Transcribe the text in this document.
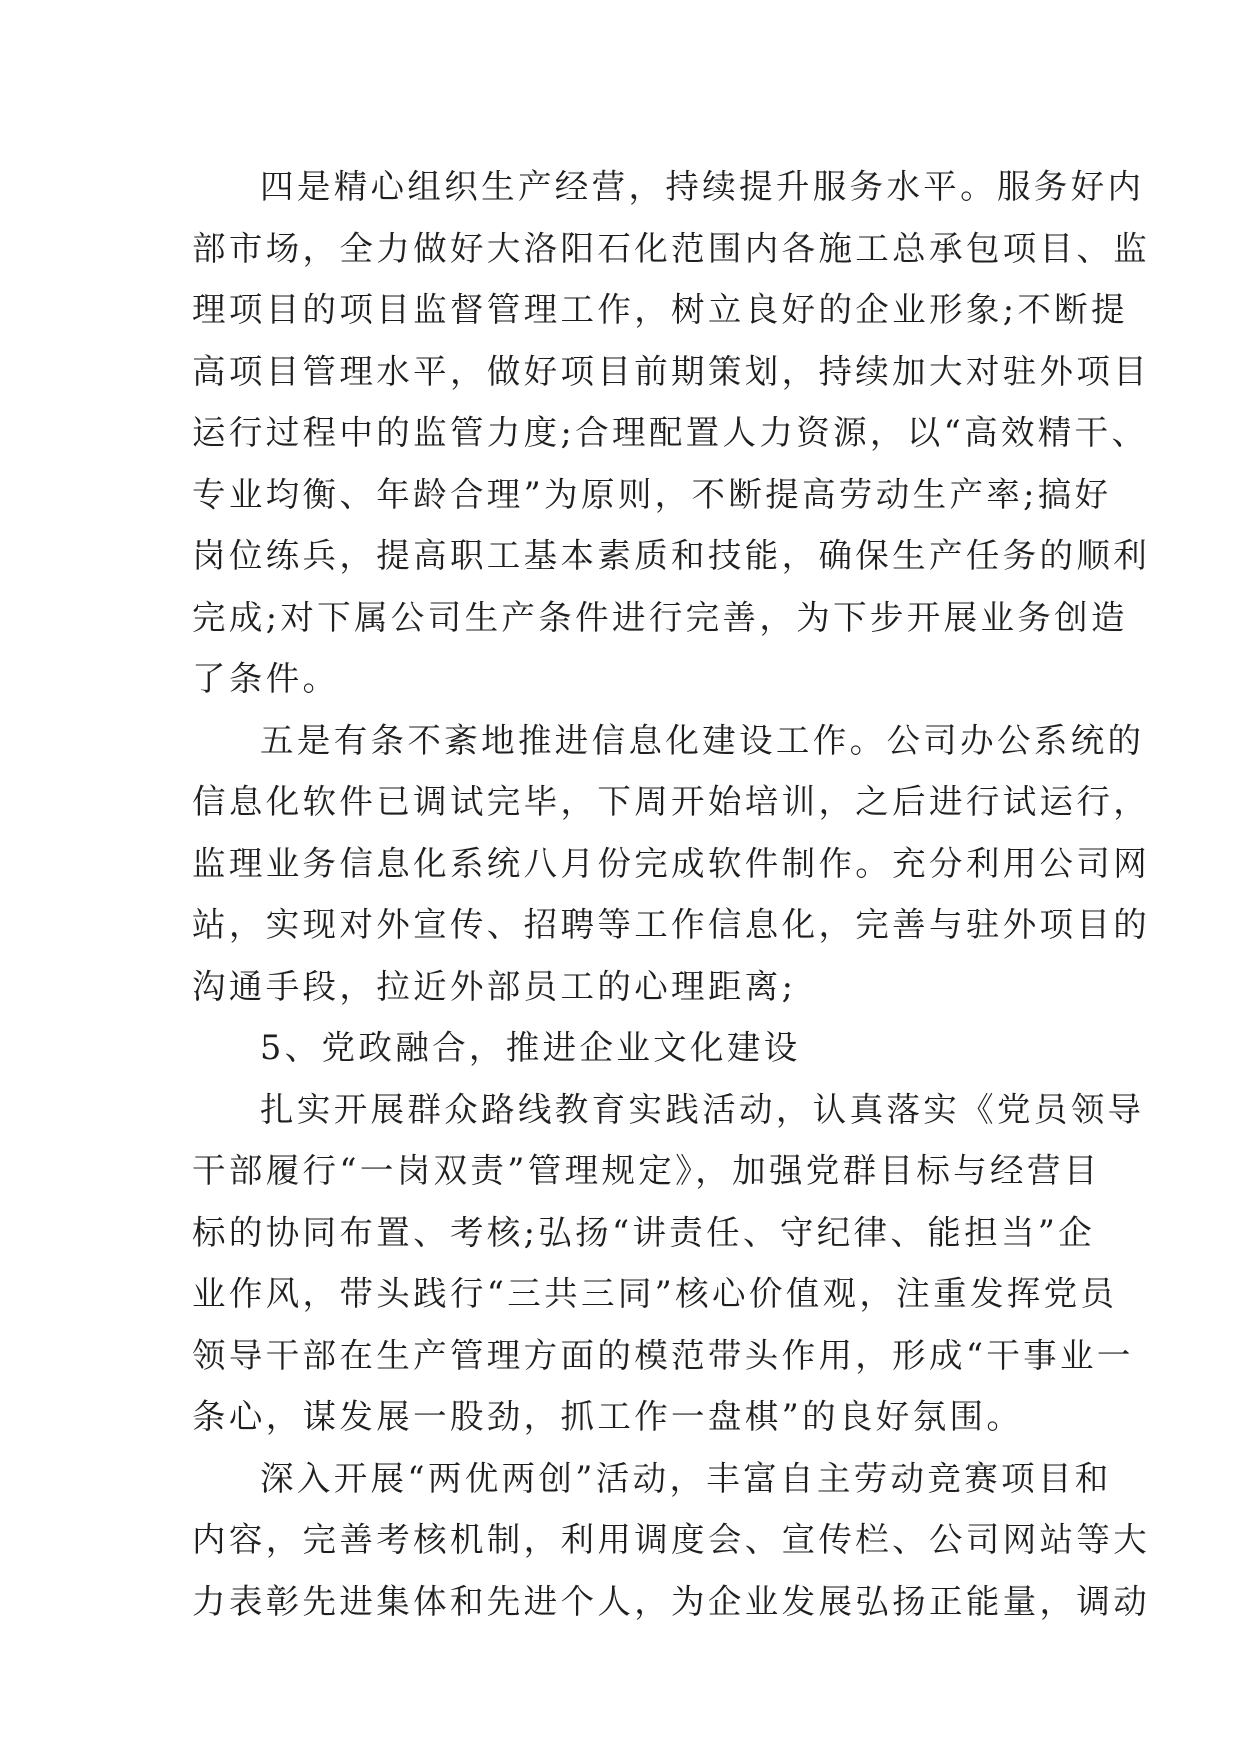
四是精心组织生产经营，持续提升服务水平。服务好内
部市场，全力做好大洛阳石化范围内各施工总承包项目、监
理项目的项目监督管理工作，树立良好的企业形象;不断提
高项目管理水平，做好项目前期策划，持续加大对驻外项目
运行过程中的监管力度;合理配置人力资源，以“高效精干、
专业均衡、年龄合理”为原则，不断提高劳动生产率;搞好
岗位练兵，提高职工基本素质和技能，确保生产任务的顺利
完成;对下属公司生产条件进行完善，为下步开展业务创造
了条件。
五是有条不紊地推进信息化建设工作。公司办公系统的
信息化软件已调试完毕，下周开始培训，之后进行试运行，
监理业务信息化系统八月份完成软件制作。充分利用公司网
站，实现对外宣传、招聘等工作信息化，完善与驻外项目的
沟通手段，拉近外部员工的心理距离;
5、党政融合，推进企业文化建设
扎实开展群众路线教育实践活动，认真落实《党员领导
干部履行“一岗双责”管理规定》，加强党群目标与经营目
标的协同布置、考核;弘扬“讲责任、守纪律、能担当”企
业作风，带头践行“三共三同”核心价值观，注重发挥党员
领导干部在生产管理方面的模范带头作用，形成“干事业一
条心，谋发展一股劲，抓工作一盘棋”的良好氛围。
深入开展“两优两创”活动，丰富自主劳动竞赛项目和
内容，完善考核机制，利用调度会、宣传栏、公司网站等大
力表彰先进集体和先进个人，为企业发展弘扬正能量，调动
